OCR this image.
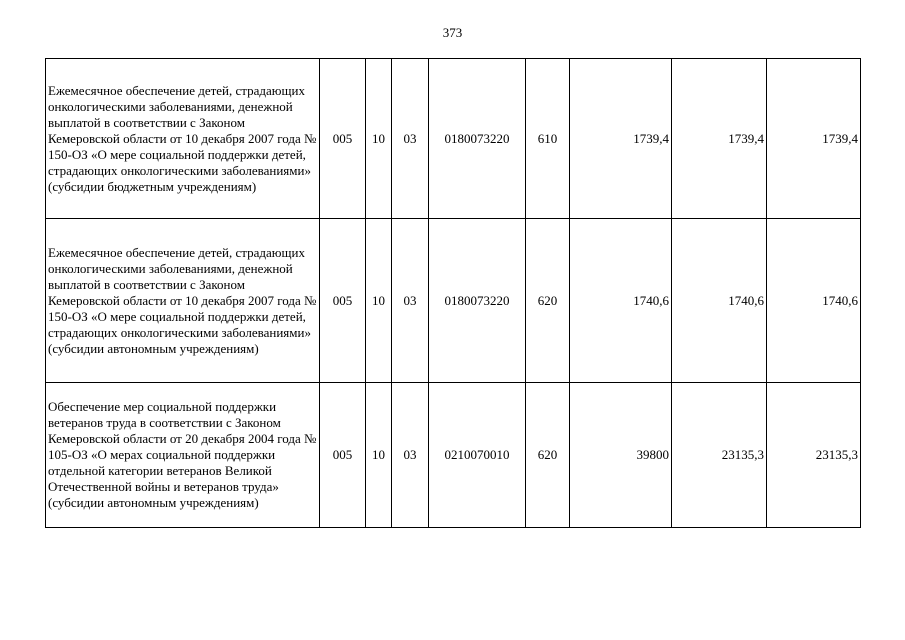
373
Ежемесячное обеспечение детей, страдающих онкологическими заболеваниями, денежной выплатой в соответствии с Законом Кемеровской области от 10 декабря 2007 года № 150-ОЗ «О мере социальной поддержки детей, страдающих онкологическими заболеваниями» (субсидии бюджетным учреждениям)	005	10	03	0180073220	610	1739,4	1739,4	1739,4
Ежемесячное обеспечение детей, страдающих онкологическими заболеваниями, денежной выплатой в соответствии с Законом Кемеровской области от 10 декабря 2007 года № 150-ОЗ «О мере социальной поддержки детей, страдающих онкологическими заболеваниями» (субсидии автономным учреждениям)	005	10	03	0180073220	620	1740,6	1740,6	1740,6
Обеспечение мер социальной поддержки ветеранов труда в соответствии с Законом Кемеровской области от 20 декабря 2004 года № 105-ОЗ «О мерах социальной поддержки отдельной категории ветеранов Великой Отечественной войны и ветеранов труда» (субсидии автономным учреждениям)	005	10	03	0210070010	620	39800	23135,3	23135,3
